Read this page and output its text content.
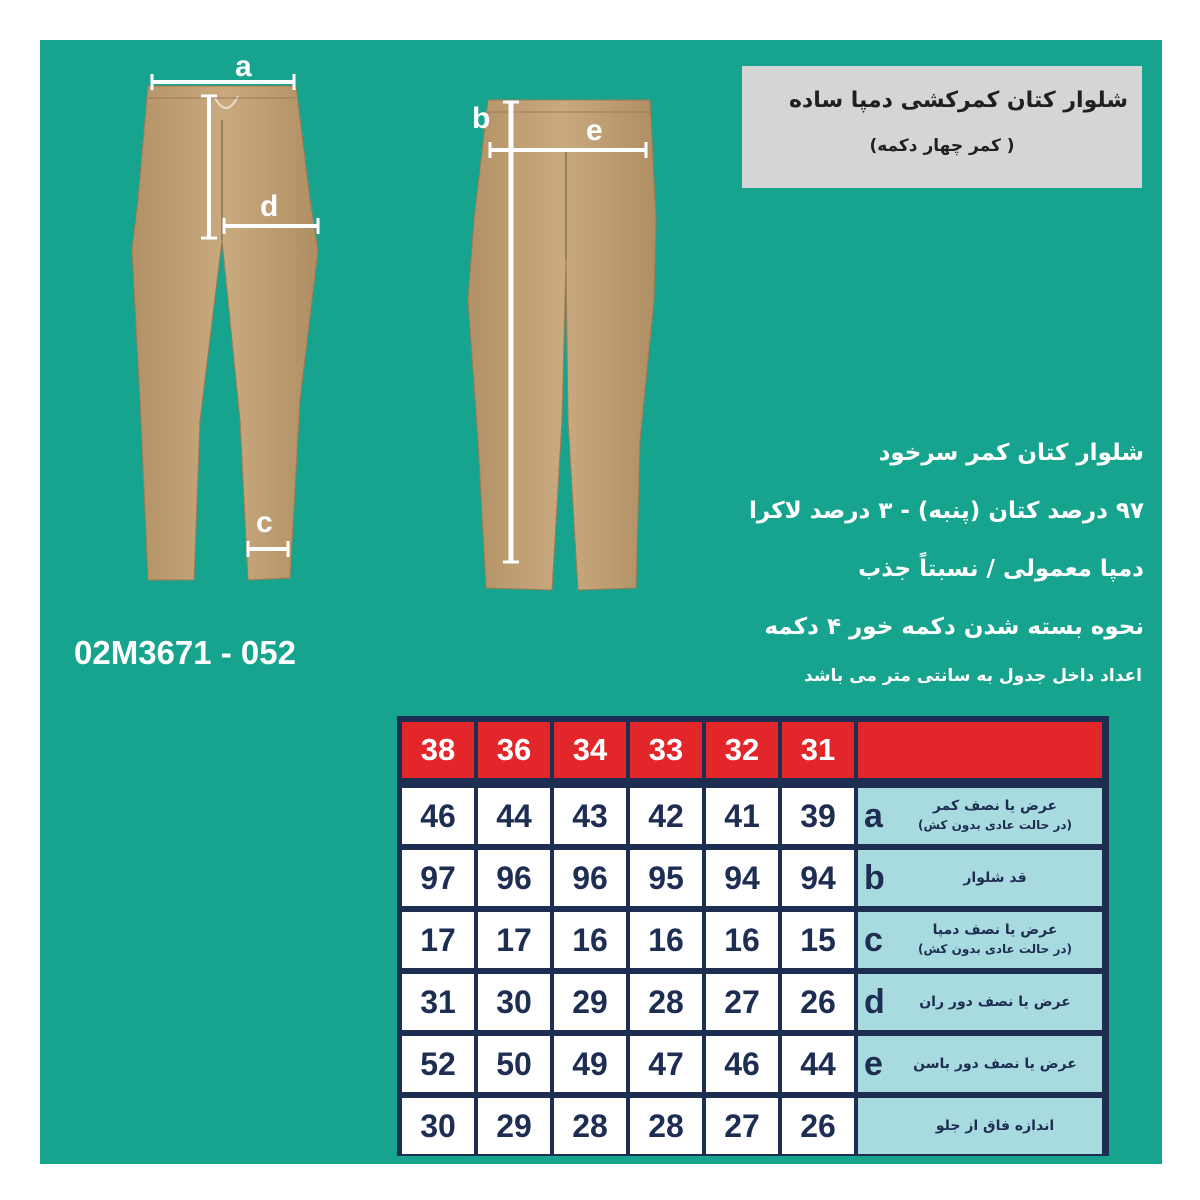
a
b
c
d
e
شلوار کتان کمرکشی دمپا ساده
( کمر چهار دکمه)
شلوار کتان کمر سرخود
۹۷ درصد کتان (پنبه) - ۳ درصد لاکرا
دمپا معمولی / نسبتاً جذب
نحوه بسته شدن دکمه خور ۴ دکمه
اعداد داخل جدول به سانتی متر می باشد
02M3671 - 052
38	36	34	33	32	31
46	44	43	42	41	39 a	عرض یا نصف کمر
(در حالت عادی بدون کش)
97	96	96	95	94	94 b	قد شلوار
17	17	16	16	16	15 c	عرض یا نصف دمپا
(در حالت عادی بدون کش)
31	30	29	28	27	26 d	عرض یا نصف دور ران
52	50	49	47	46	44 e	عرض یا نصف دور باسن
30	29	28	28	27	26	اندازه فاق از جلو
